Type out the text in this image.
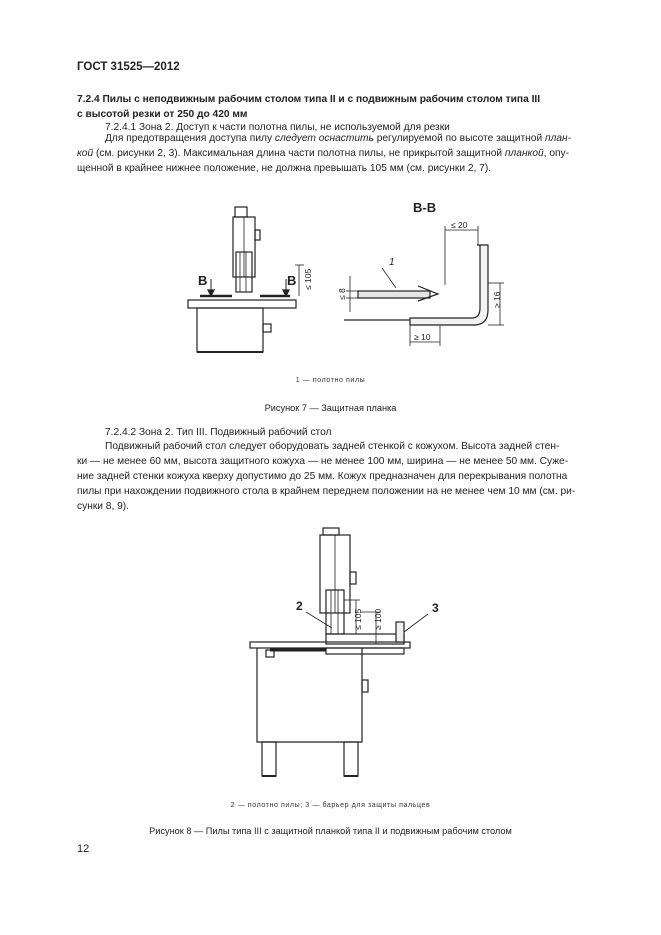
ГОСТ 31525—2012
7.2.4 Пилы с неподвижным рабочим столом типа II и с подвижным рабочим столом типа III
с высотой резки от 250 до 420 мм
7.2.4.1 Зона 2. Доступ к части полотна пилы, не используемой для резки
Для предотвращения доступа пилу следует оснастить регулируемой по высоте защитной план-
кой (см. рисунки 2, 3). Максимальная длина части полотна пилы, не прикрытой защитной планкой, опу-
щенной в крайнее нижнее положение, не должна превышать 105 мм (см. рисунки 2, 7).
В	В ≤ 105
В-В
≤ 20
≤ 8	≥ 16
≥ 10
1
1 — полотно пилы
Рисунок 7 — Защитная планка
7.2.4.2 Зона 2. Тип III. Подвижный рабочий стол
Подвижный рабочий стол следует оборудовать задней стенкой с кожухом. Высота задней стен-
ки — не менее 60 мм, высота защитного кожуха — не менее 100 мм, ширина — не менее 50 мм. Суже-
ние задней стенки кожуха кверху допустимо до 25 мм. Кожух предназначен для перекрывания полотна
пилы при нахождении подвижного стола в крайнем переднем положении на не менее чем 10 мм (см. ри-
сунки 8, 9).
2	3
≤ 105 ≥ 100
2 — полотно пилы; 3 — барьер для защиты пальцев
Рисунок 8 — Пилы типа III с защитной планкой типа II и подвижным рабочим столом
12
